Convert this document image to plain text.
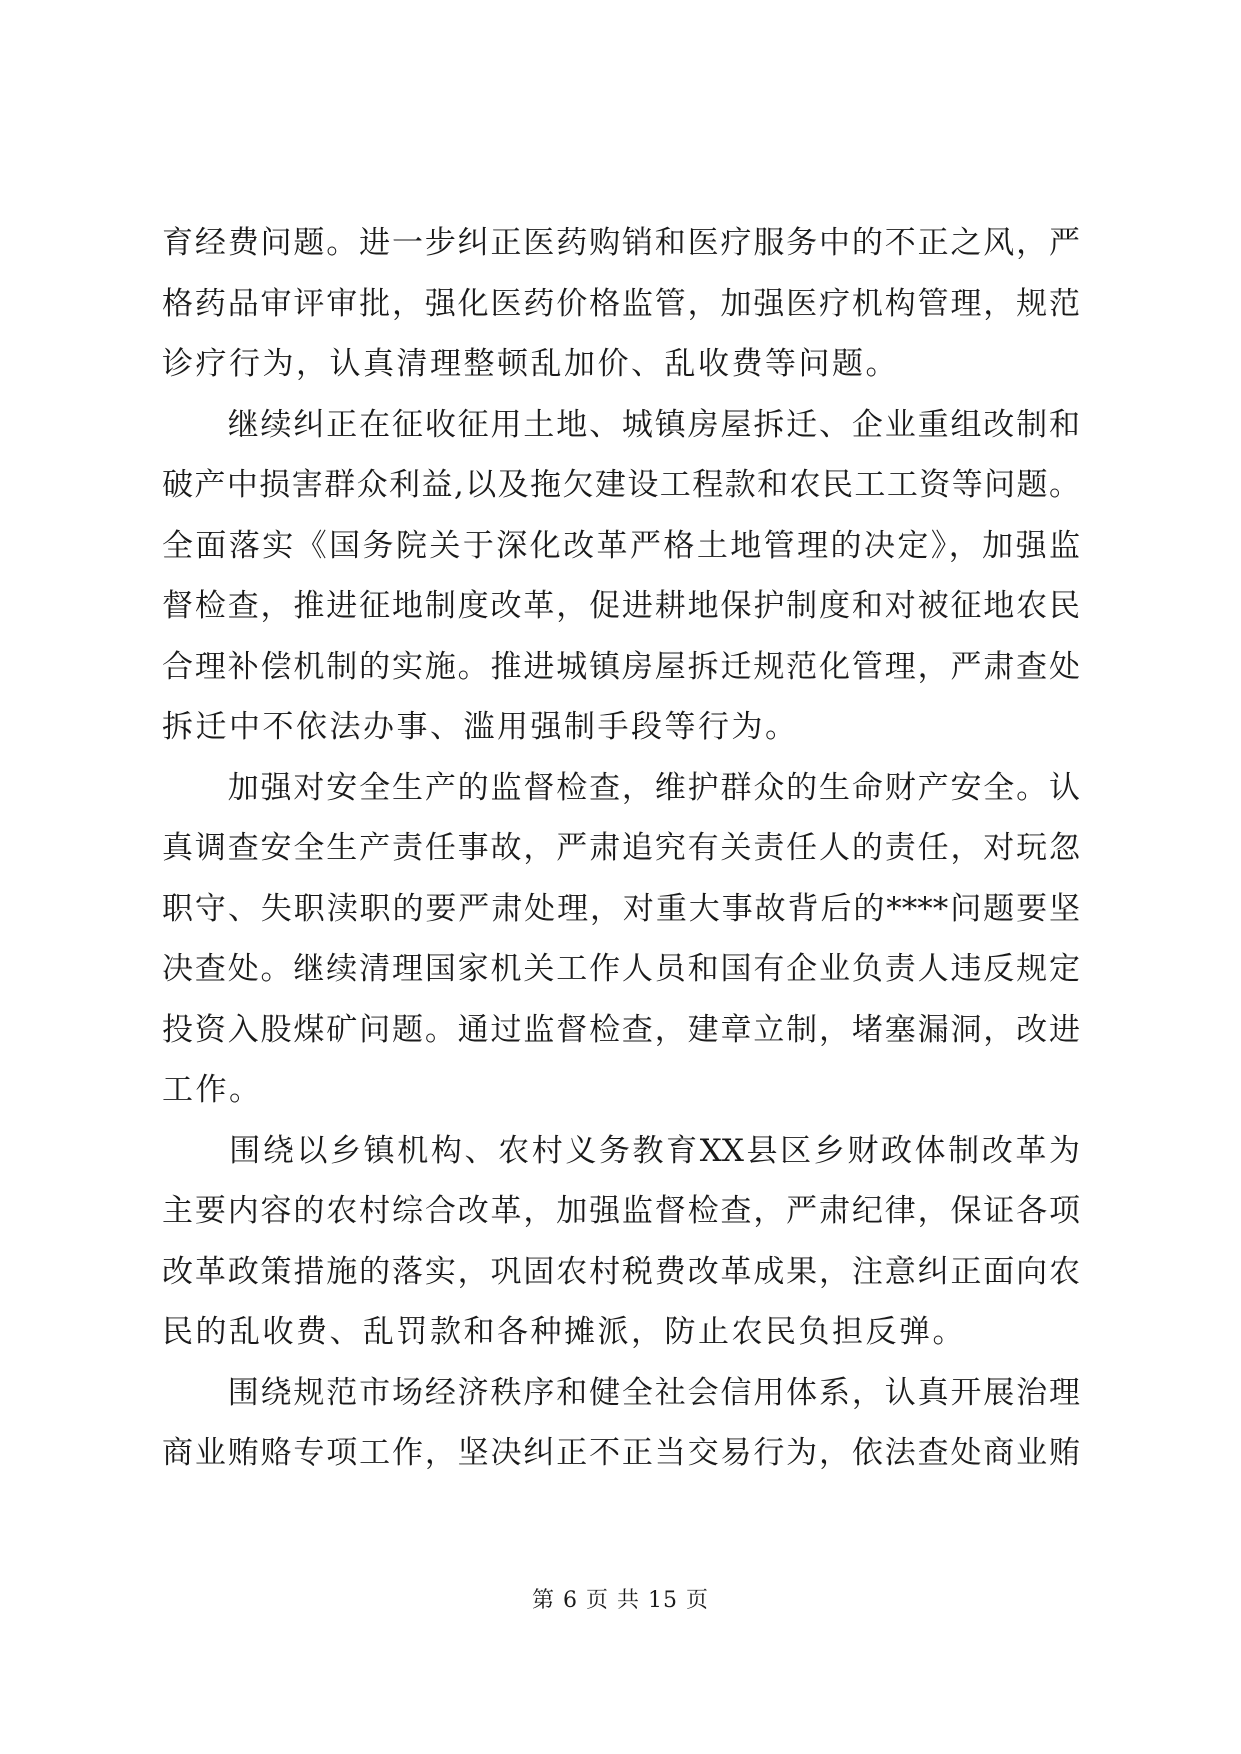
育经费问题。进一步纠正医药购销和医疗服务中的不正之风，严
格药品审评审批，强化医药价格监管，加强医疗机构管理，规范
诊疗行为，认真清理整顿乱加价、乱收费等问题。
　　继续纠正在征收征用土地、城镇房屋拆迁、企业重组改制和
破产中损害群众利益,以及拖欠建设工程款和农民工工资等问题。
全面落实《国务院关于深化改革严格土地管理的决定》，加强监
督检查，推进征地制度改革，促进耕地保护制度和对被征地农民
合理补偿机制的实施。推进城镇房屋拆迁规范化管理，严肃查处
拆迁中不依法办事、滥用强制手段等行为。
　　加强对安全生产的监督检查，维护群众的生命财产安全。认
真调查安全生产责任事故，严肃追究有关责任人的责任，对玩忽
职守、失职渎职的要严肃处理，对重大事故背后的****问题要坚
决查处。继续清理国家机关工作人员和国有企业负责人违反规定
投资入股煤矿问题。通过监督检查，建章立制，堵塞漏洞，改进
工作。
　　围绕以乡镇机构、农村义务教育XX县区乡财政体制改革为
主要内容的农村综合改革，加强监督检查，严肃纪律，保证各项
改革政策措施的落实，巩固农村税费改革成果，注意纠正面向农
民的乱收费、乱罚款和各种摊派，防止农民负担反弹。
　　围绕规范市场经济秩序和健全社会信用体系，认真开展治理
商业贿赂专项工作，坚决纠正不正当交易行为，依法查处商业贿
第 6 页 共 15 页
